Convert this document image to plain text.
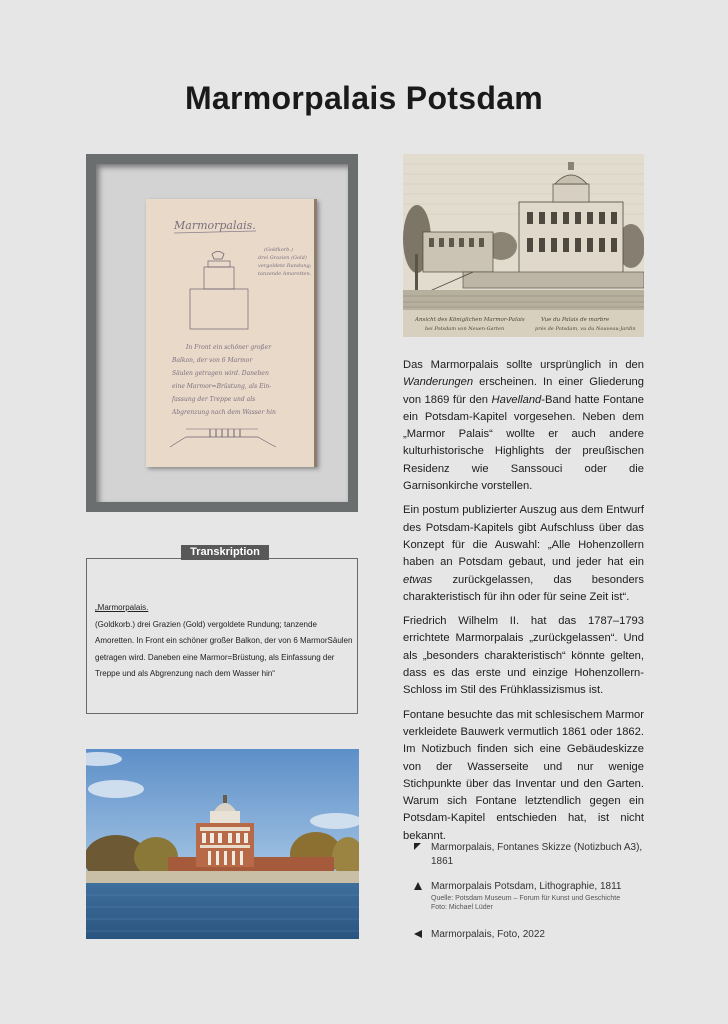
Marmorpalais Potsdam
Marmorpalais.
(Goldkorb.) drei Grazien (Gold) vergoldete Rundung; tanzende Amoretten.
In Front ein schöner großer Balkon, der von 6 Marmor Säulen getragen wird. Daneben eine Marmor=Brüstung, als Ein- fassung der Treppe und als Abgrenzung nach dem Wasser hin
„Marmorpalais.
(Goldkorb.) drei Grazien (Gold) vergoldete Rundung; tanzende Amoretten. In Front ein schöner großer Balkon, der von 6 MarmorSäulen getragen wird. Daneben eine Marmor=Brüstung, als Einfassung der Treppe und als Abgrenzung nach dem Wasser hin“
Transkription
Ansicht des Königlichen Marmor-Palais
bei Potsdam von Neuen-Garten
Vue du Palais de marbre
près de Potsdam, vu du Nouveau-Jardin

Das Marmorpalais sollte ursprünglich in den Wanderungen erscheinen. In einer Gliederung von 1869 für den Havelland-Band hatte Fontane ein Potsdam-Kapitel vorgesehen. Neben dem „Marmor Palais“ wollte er auch andere kulturhistorische Highlights der preußischen Residenz wie Sanssouci oder die Garnisonkirche vorstellen.

Ein postum publizierter Auszug aus dem Entwurf des Potsdam-Kapitels gibt Aufschluss über das Konzept für die Auswahl: „Alle Hohenzollern haben an Potsdam gebaut, und jeder hat ein etwas zurückgelassen, das besonders charakteristisch für ihn oder für seine Zeit ist“.

Friedrich Wilhelm II. hat das 1787–1793 errichtete Marmorpalais „zurückgelassen“. Und als „besonders charakteristisch“ könnte gelten, dass es das erste und einzige Hohenzollern-Schloss im Stil des Frühklassizismus ist.

Fontane besuchte das mit schlesischem Marmor verkleidete Bauwerk vermutlich 1861 oder 1862. Im Notizbuch finden sich eine Gebäudeskizze von der Wasserseite und nur wenige Stichpunkte über das Inventar und den Garten. Warum sich Fontane letztendlich gegen ein Potsdam-Kapitel entschieden hat, ist nicht bekannt.

Marmorpalais, Fontanes Skizze (Notizbuch A3), 1861
Marmorpalais Potsdam, Lithographie, 1811
Quelle: Potsdam Museum – Forum für Kunst und Geschichte
Foto: Michael Lüder
Marmorpalais, Foto, 2022
